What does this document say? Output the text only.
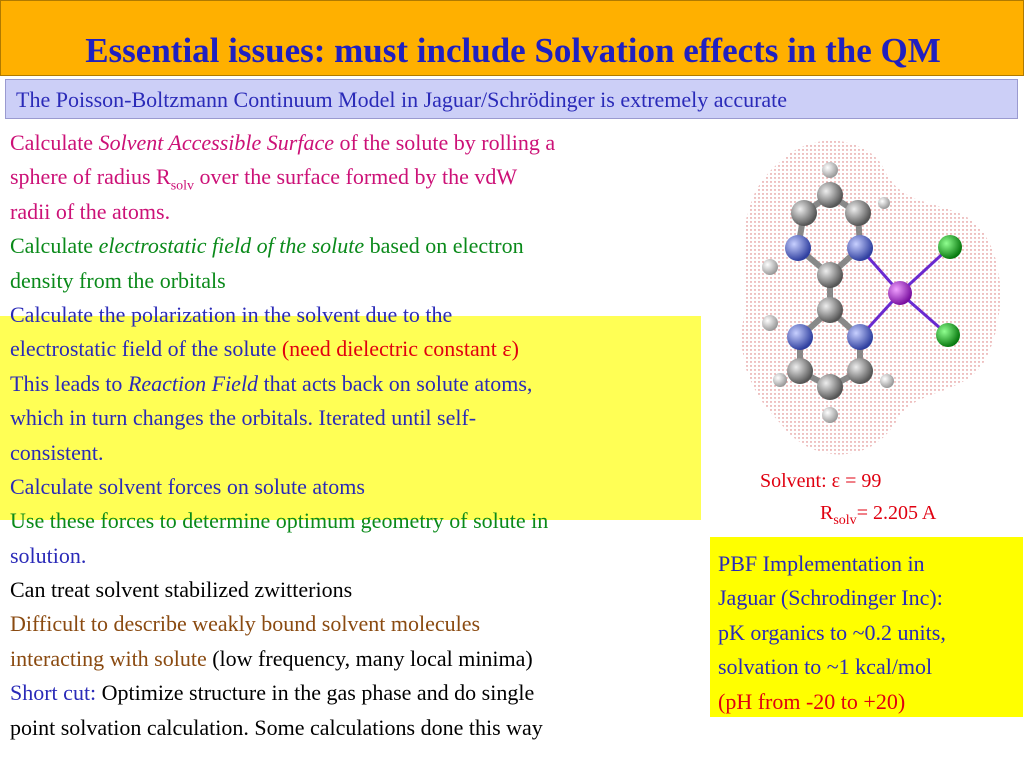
Essential issues: must include Solvation effects in the QM
The Poisson-Boltzmann Continuum Model in Jaguar/Schrödinger is extremely accurate
Calculate Solvent Accessible Surface of the solute by rolling a
sphere of radius $R_{solv}$ over the surface formed by the vdW
radii of the atoms.
Calculate electrostatic field of the solute based on electron
density from the orbitals
Calculate the polarization in the solvent due to the
electrostatic field of the solute (need dielectric constant ε)
This leads to Reaction Field that acts back on solute atoms,
which in turn changes the orbitals. Iterated until self-
consistent.
Calculate solvent forces on solute atoms
Use these forces to determine optimum geometry of solute in
solution.
Can treat solvent stabilized zwitterions
Difficult to describe weakly bound solvent molecules
interacting with solute (low frequency, many local minima)
Short cut: Optimize structure in the gas phase and do single
point solvation calculation. Some calculations done this way
Solvent: ε = 99
$R_{solv}= 2.205$ A
PBF Implementation in
Jaguar (Schrodinger Inc):
pK organics to ~0.2 units,
solvation to ~1 kcal/mol
(pH from -20 to +20)
